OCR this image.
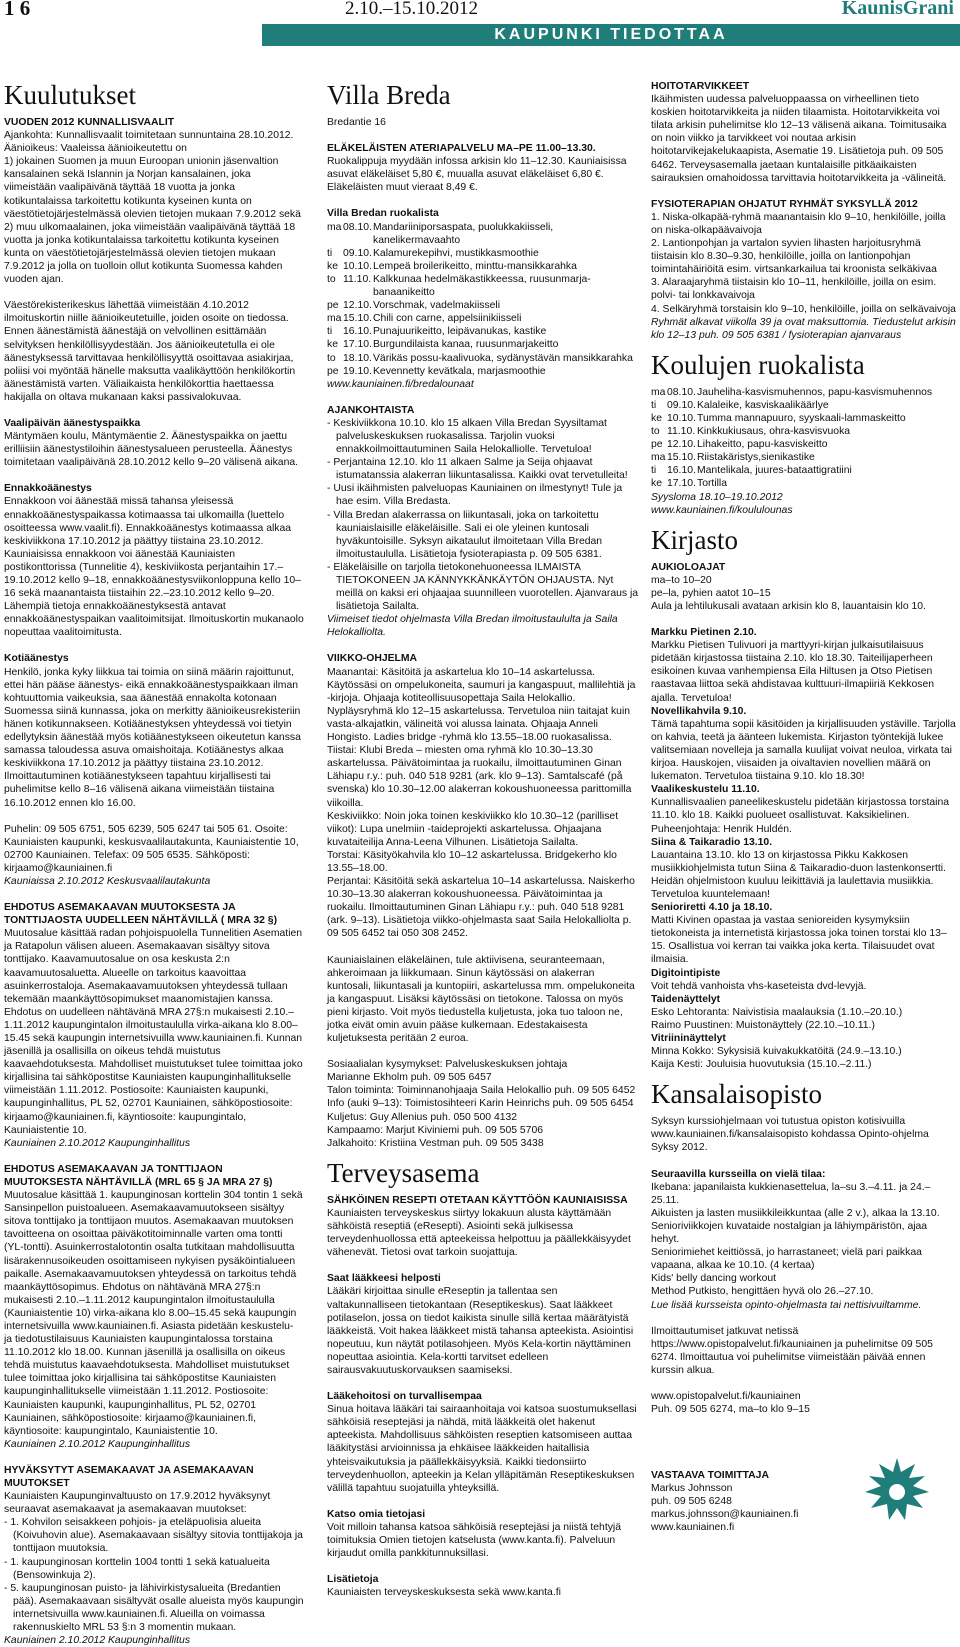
1 6	2.10.–15.10.2012	KaunisGrani
KAUPUNKI TIEDOTTAA
Kuulutukset

VUODEN 2012 KUNNALLISVAALIT

Ajankohta: Kunnallisvaalit toimitetaan sunnuntaina 28.10.2012.

Äänioikeus: Vaaleissa äänioikeutettu on

1) jokainen Suomen ja muun Euroopan unionin jäsenvaltion kansalainen sekä Islannin ja Norjan kansalainen, joka viimeistään vaalipäivänä täyttää 18 vuotta ja jonka kotikuntalaissa tarkoitettu kotikunta kyseinen kunta on väestötietojärjestelmässä olevien tietojen mukaan 7.9.2012 sekä

2) muu ulkomaalainen, joka viimeistään vaalipäivänä täyttää 18 vuotta ja jonka kotikuntalaissa tarkoitettu kotikunta kyseinen kunta on väestötietojärjestelmässä olevien tietojen mukaan 7.9.2012 ja jolla on tuolloin ollut kotikunta Suomessa kahden vuoden ajan.

Väestörekisterikeskus lähettää viimeistään 4.10.2012 ilmoituskortin niille äänioikeutetuille, joiden osoite on tiedossa. Ennen äänestämistä äänestäjä on velvollinen esittämään selvityksen henkilöllisyydestään. Jos äänioikeutetulla ei ole äänestyksessä tarvittavaa henkilöllisyyttä osoittavaa asiakirjaa, poliisi voi myöntää hänelle maksutta vaalikäyttöön henkilökortin äänestämistä varten. Väliaikaista henkilökorttia haettaessa hakijalla on oltava mukanaan kaksi passivalokuvaa.

Vaalipäivän äänestyspaikka

Mäntymäen koulu, Mäntymäentie 2. Äänestyspaikka on jaettu erilliisiin äänestystiloihin äänestysalueen perusteella. Äänestys toimitetaan vaalipäivänä 28.10.2012 kello 9–20 välisenä aikana.

Ennakkoäänestys

Ennakkoon voi äänestää missä tahansa yleisessä ennakkoäänestyspaikassa kotimaassa tai ulkomailla (luettelo osoitteessa www.vaalit.fi). Ennakkoäänestys kotimaassa alkaa keskiviikkona 17.10.2012 ja päättyy tiistaina 23.10.2012. Kauniaisissa ennakkoon voi äänestää Kauniaisten postikonttorissa (Tunnelitie 4), keskiviikosta perjantaihin 17.–19.10.2012 kello 9–18, ennakkoäänestysviikonloppuna kello 10–16 sekä maanantaista tiistaihin 22.–23.10.2012 kello 9–20. Lähempiä tietoja ennakkoäänestyksestä antavat ennakkoäänestyspaikan vaalitoimitsijat. Ilmoituskortin mukanaolo nopeuttaa vaalitoimitusta.

Kotiäänestys

Henkilö, jonka kyky liikkua tai toimia on siinä määrin rajoittunut, ettei hän pääse äänestys- eikä ennakkoäänestyspaikkaan ilman kohtuuttomia vaikeuksia, saa äänestää ennakolta kotonaan Suomessa siinä kunnassa, joka on merkitty äänioikeusrekisteriin hänen kotikunnakseen. Kotiäänestyksen yhteydessä voi tietyin edellytyksin äänestää myös kotiäänestykseen oikeutetun kanssa samassa taloudessa asuva omaishoitaja. Kotiäänestys alkaa keskiviikkona 17.10.2012 ja päättyy tiistaina 23.10.2012. Ilmoittautuminen kotiäänestykseen tapahtuu kirjallisesti tai puhelimitse kello 8–16 välisenä aikana viimeistään tiistaina 16.10.2012 ennen klo 16.00.

Puhelin: 09 505 6751, 505 6239, 505 6247 tai 505 61. Osoite: Kauniaisten kaupunki, keskusvaalilautakunta, Kauniaistentie 10, 02700 Kauniainen. Telefax: 09 505 6535. Sähköposti: kirjaamo@kauniainen.fi

Kauniaissa 2.10.2012 Keskusvaalilautakunta

EHDOTUS ASEMAKAAVAN MUUTOKSESTA JA TONTTIJAOSTA UUDELLEEN NÄHTÄVILLÄ ( MRA 32 §)

Muutosalue käsittää radan pohjoispuolella Tunnelitien Asematien ja Ratapolun välisen alueen. Asemakaavan sisältyy sitova tonttijako. Kaavamuutosalue on osa keskusta 2:n kaavamuutosaluetta. Alueelle on tarkoitus kaavoittaa asuinkerrostaloja. Asemakaavamuutoksen yhteydessä tullaan tekemään maankäyttösopimukset maanomistajien kanssa. Ehdotus on uudelleen nähtävänä MRA 27§:n mukaisesti 2.10.–1.11.2012 kaupungintalon ilmoitustaululla virka-aikana klo 8.00–15.45 sekä kaupungin internetsivuilla www.kauniainen.fi. Kunnan jäsenillä ja osallisilla on oikeus tehdä muistutus kaavaehdotuksesta. Mahdolliset muistutukset tulee toimittaa joko kirjallisina tai sähköpostitse Kauniaisten kaupunginhallitukselle viimeistään 1.11.2012. Postiosoite: Kauniaisten kaupunki, kaupunginhallitus, PL 52, 02701 Kauniainen, sähköpostiosoite: kirjaamo@kauniainen.fi, käyntiosoite: kaupungintalo, Kauniaistentie 10.

Kauniainen 2.10.2012 Kaupunginhallitus

EHDOTUS ASEMAKAAVAN JA TONTTIJAON MUUTOKSESTA NÄHTÄVILLÄ (MRL 65 § JA MRA 27 §)

Muutosalue käsittää 1. kaupunginosan korttelin 304 tontin 1 sekä Sansinpellon puistoalueen. Asemakaavamuutokseen sisältyy sitova tonttijako ja tonttijaon muutos. Asemakaavan muutoksen tavoitteena on osoittaa päiväkotitoiminnalle varten oma tontti (YL-tontti). Asuinkerrostalotontin osalta tutkitaan mahdollisuutta lisärakennusoikeuden osoittamiseen nykyisen pysäköintialueen paikalle. Asemakaavamuutoksen yhteydessä on tarkoitus tehdä maankäyttösopimus. Ehdotus on nähtävänä MRA 27§:n mukaisesti 2.10.–1.11.2012 kaupungintalon ilmoitustaululla (Kauniaistentie 10) virka-aikana klo 8.00–15.45 sekä kaupungin internetsivuilla www.kauniainen.fi. Asiasta pidetään keskustelu- ja tiedotustilaisuus Kauniaisten kaupungintalossa torstaina 11.10.2012 klo 18.00. Kunnan jäsenillä ja osallisilla on oikeus tehdä muistutus kaavaehdotuksesta. Mahdolliset muistutukset tulee toimittaa joko kirjallisina tai sähköpostitse Kauniaisten kaupunginhallitukselle viimeistään 1.11.2012. Postiosoite: Kauniaisten kaupunki, kaupunginhallitus, PL 52, 02701 Kauniainen, sähköpostiosoite: kirjaamo@kauniainen.fi, käyntiosoite: kaupungintalo, Kauniaistentie 10.

Kauniainen 2.10.2012 Kaupunginhallitus

HYVÄKSYTYT ASEMAKAAVAT JA ASEMAKAAVAN MUUTOKSET

Kauniaisten Kaupunginvaltuusto on 17.9.2012 hyväksynyt seuraavat asemakaavat ja asemakaavan muutokset:

- 1. Kohvilon seisakkeen pohjois- ja eteläpuolisia alueita (Koivuhovin alue). Asemakaavaan sisältyy sitovia tonttijakoja ja tonttijaon muutoksia.

- 1. kaupunginosan korttelin 1004 tontti 1 sekä katualueita (Bensowinkuja 2).

- 5. kaupunginosan puisto- ja lähivirkistysalueita (Bredantien pää). Asemakaavaan sisältyvät osalle alueista myös kaupungin internetsivuilla www.kauniainen.fi. Alueilla on voimassa rakennuskielto MRL 53 §:n 3 momentin mukaan.

Kauniainen 2.10.2012 Kaupunginhallitus

Villa Breda

Bredantie 16

ELÄKELÄISTEN ATERIAPALVELU MA–PE 11.00–13.30.

Ruokalippuja myydään infossa arkisin klo 11–12.30. Kauniaisissa asuvat eläkeläiset 5,80 €, muualla asuvat eläkeläiset 6,80 €. Eläkeläisten muut vieraat 8,49 €.

Villa Bredan ruokalista

ma	08.10.	Mandariiniporsaspata, puolukkakiisseli, kanelikermavaahto
ti	09.10.	Kalamurekepihvi, mustikkasmoothie
ke	10.10.	Lempeä broilerikeitto, minttu-mansikkarahka
to	11.10.	Kalkkunaa hedelmäkastikkeessa, ruusunmarja-banaanikeitto
pe	12.10.	Vorschmak, vadelmakiisseli
ma	15.10.	Chili con carne, appelsiinikiisseli
ti	16.10.	Punajuurikeitto, leipävanukas, kastike
ke	17.10.	Burgundilaista kanaa, ruusunmarjakeitto
to	18.10.	Värikäs possu-kaalivuoka, sydänystävän mansikkarahka
pe	19.10.	Kevennetty kevätkala, marjasmoothie

www.kauniainen.fi/bredalounaat

AJANKOHTAISTA

- Keskiviikkona 10.10. klo 15 alkaen Villa Bredan Syysiltamat palveluskeskuksen ruokasalissa. Tarjolin vuoksi ennakkoilmoittautuminen Saila Helokalliolle. Tervetuloa!

- Perjantaina 12.10. klo 11 alkaen Salme ja Seija ohjaavat istumatanssia alakerran liikuntasalissa. Kaikki ovat tervetulleita!

- Uusi ikäihmisten palveluopas Kauniainen on ilmestynyt! Tule ja hae esim. Villa Bredasta.

- Villa Bredan alakerrassa on liikuntasali, joka on tarkoitettu kauniaislaisille eläkeläisille. Sali ei ole yleinen kuntosali hyväkuntoisille. Syksyn aikataulut ilmoitetaan Villa Bredan ilmoitustaululla. Lisätietoja fysioterapiasta p. 09 505 6381.

- Eläkeläisille on tarjolla tietokonehuoneessa ILMAISTA TIETOKONEEN JA KÄNNYKKÄNKÄYTÖN OHJAUSTA. Nyt meillä on kaksi eri ohjaajaa suunnilleen vuorotellen. Ajanvaraus ja lisätietoja Sailalta.

Viimeiset tiedot ohjelmasta Villa Bredan ilmoitustaululta ja Saila Helokalliolta.

VIIKKO-OHJELMA

Maanantai: Käsitöitä ja askartelua klo 10–14 askartelussa. Käytössäsi on ompelukoneita, saumuri ja kangaspuut, mallilehtiä ja -kirjoja. Ohjaaja kotiteollisuusopettaja Saila Helokallio. Nypläysryhmä klo 12–15 askartelussa. Tervetuloa niin taitajat kuin vasta-alkajatkin, välineitä voi alussa lainata. Ohjaaja Anneli Hongisto. Ladies bridge -ryhmä klo 13.55–18.00 ruokasalissa.

Tiistai: Klubi Breda – miesten oma ryhmä klo 10.30–13.30 askartelussa. Päivätoimintaa ja ruokailu, ilmoittautuminen Ginan Lähiapu r.y.: puh. 040 518 9281 (ark. klo 9–13). Samtalscafé (på svenska) klo 10.30–12.00 alakerran kokoushuoneessa parittomilla viikoilla.

Keskiviikko: Noin joka toinen keskiviikko klo 10.30–12 (parilliset viikot): Lupa unelmiin -taideprojekti askartelussa. Ohjaajana kuvataiteilija Anna-Leena Vilhunen. Lisätietoja Sailalta.

Torstai: Käsityökahvila klo 10–12 askartelussa. Bridgekerho klo 13.55–18.00.

Perjantai: Käsitöitä sekä askartelua 10–14 askartelussa. Naiskerho 10.30–13.30 alakerran kokoushuoneessa. Päivätoimintaa ja ruokailu. Ilmoittautuminen Ginan Lähiapu r.y.: puh. 040 518 9281 (ark. 9–13). Lisätietoja viikko-ohjelmasta saat Saila Helokalliolta p. 09 505 6452 tai 050 308 2452.

Kauniaislainen eläkeläinen, tule aktiivisena, seuranteemaan, ahkeroimaan ja liikkumaan. Sinun käytössäsi on alakerran kuntosali, liikuntasali ja kuntopiiri, askartelussa mm. ompelukoneita ja kangaspuut. Lisäksi käytössäsi on tietokone. Talossa on myös pieni kirjasto. Voit myös tiedustella kuljetusta, joka tuo taloon ne, jotka eivät omin avuin pääse kulkemaan. Edestakaisesta kuljetuksesta peritään 2 euroa.

Sosiaalialan kysymykset: Palveluskeskuksen johtaja

Marianne Ekholm puh. 09 505 6457

Talon toiminta: Toiminnanohjaaja Saila Helokallio puh. 09 505 6452

Info (auki 9–13): Toimistosihteeri Karin Heinrichs puh. 09 505 6454

Kuljetus: Guy Allenius puh. 050 500 4132

Kampaamo: Marjut Kiviniemi puh. 09 505 5706

Jalkahoito: Kristiina Vestman puh. 09 505 3438

Terveysasema

SÄHKÖINEN RESEPTI OTETAAN KÄYTTÖÖN KAUNIAISISSA

Kauniaisten terveyskeskus siirtyy lokakuun alusta käyttämään sähköistä reseptiä (eResepti). Asiointi sekä julkisessa terveydenhuollossa että apteekeissa helpottuu ja päällekkäisyydet vähenevät. Tietosi ovat tarkoin suojattuja.

Saat lääkkeesi helposti

Lääkäri kirjoittaa sinulle eReseptin ja tallentaa sen valtakunnalliseen tietokantaan (Reseptikeskus). Saat lääkkeet potilaselon, jossa on tiedot kaikista sinulle sillä kertaa määrätyistä lääkkeistä. Voit hakea lääkkeet mistä tahansa apteekista. Asiointisi nopeutuu, kun näytät potilasohjeen. Myös Kela-kortin näyttäminen nopeuttaa asiointia. Kela-kortti tarvitset edelleen sairausvakuutuskorvauksen saamiseksi.

Lääkehoitosi on turvallisempaa

Sinua hoitava lääkäri tai sairaanhoitaja voi katsoa suostumuksellasi sähköisiä reseptejäsi ja nähdä, mitä lääkkeitä olet hakenut apteekista. Mahdollisuus sähköisten reseptien katsomiseen auttaa lääkitystäsi arvioinnissa ja ehkäisee lääkkeiden haitallisia yhteisvaikutuksia ja päällekkäisyyksiä. Kaikki tiedonsiirto terveydenhuollon, apteekin ja Kelan ylläpitämän Reseptikeskuksen välillä tapahtuu suojatuilla yhteyksillä.

Katso omia tietojasi

Voit milloin tahansa katsoa sähköisiä reseptejäsi ja niistä tehtyjä toimituksia Omien tietojen katselusta (www.kanta.fi). Palveluun kirjaudut omilla pankkitunnuksillasi.

Lisätietoja

Kauniaisten terveyskeskuksesta sekä www.kanta.fi

HOITOTARVIKKEET

Ikäihmisten uudessa palveluoppaassa on virheellinen tieto koskien hoitotarvikkeita ja niiden tilaamista. Hoitotarvikkeita voi tilata arkisin puhelimitse klo 12–13 välisenä aikana. Toimitusaika on noin viikko ja tarvikkeet voi noutaa arkisin hoitotarvikejakelukaapista, Asematie 19. Lisätietoja puh. 09 505 6462. Terveysasemalla jaetaan kuntalaisille pitkäaikaisten sairauksien omahoidossa tarvittavia hoitotarvikkeita ja -välineitä.

FYSIOTERAPIAN OHJATUT RYHMÄT SYKSYLLÄ 2012

1. Niska-olkapää-ryhmä maanantaisin klo 9–10, henkilöille, joilla on niska-olkapäävaivoja

2. Lantionpohjan ja vartalon syvien lihasten harjoitusryhmä tiistaisin klo 8.30–9.30, henkilöille, joilla on lantionpohjan toimintahäiriöitä esim. virtsankarkailua tai kroonista selkäkivaa

3. Alaraajaryhmä tiistaisin klo 10–11, henkilöille, joilla on esim. polvi- tai lonkkavaivoja

4. Selkäryhmä torstaisin klo 9–10, henkilöille, joilla on selkävaivoja

Ryhmät alkavat viikolla 39 ja ovat maksuttomia. Tiedustelut arkisin klo 12–13 puh. 09 505 6381 / fysioterapian ajanvaraus

Koulujen ruokalista
ma	08.10.	Jauheliha-kasvismuhennos, papu-kasvismuhennos
ti	09.10.	Kalaleike, kasviskaalikäärlye
ke	10.10.	Tumma mannapuuro, syyskaali-lammaskeitto
to	11.10.	Kinkkukiusaus, ohra-kasvisvuoka
pe	12.10.	Lihakeitto, papu-kasviskeitto
ma	15.10.	Riistakäristys,sienikastike
ti	16.10.	Mantelikala, juures-bataattigratiini
ke	17.10.	Tortilla

Syysloma 18.10–19.10.2012

www.kauniainen.fi/koululounas

Kirjasto

AUKIOLOAJAT

ma–to 10–20

pe–la, pyhien aatot 10–15

Aula ja lehtilukusali avataan arkisin klo 8, lauantaisin klo 10.

Markku Pietinen 2.10.

Markku Pietisen Tulivuori ja marttyyri-kirjan julkaisutilaisuus pidetään kirjastossa tiistaina 2.10. klo 18.30. Taiteilijaperheen esikoinen kuvaa vanhempiensa Eila Hiltusen ja Otso Pietisen raastavaa liittoa sekä ahdistavaa kulttuuri-ilmapiiriä Kekkosen ajalla. Tervetuloa!

Novellikahvila 9.10.

Tämä tapahtuma sopii käsitöiden ja kirjallisuuden ystäville. Tarjolla on kahvia, teetä ja äänteen lukemista. Kirjaston työntekijä lukee valitsemiaan novelleja ja samalla kuulijat voivat neuloa, virkata tai kirjoa. Hauskojen, viisaiden ja oivaltavien novellien määrä on lukematon. Tervetuloa tiistaina 9.10. klo 18.30!

Vaalikeskustelu 11.10.

Kunnallisvaalien paneelikeskustelu pidetään kirjastossa torstaina 11.10. klo 18. Kaikki puolueet osallistuvat. Kaksikielinen. Puheenjohtaja: Henrik Huldén.

Siina & Taikaradio 13.10.

Lauantaina 13.10. klo 13 on kirjastossa Pikku Kakkosen musiikkiohjelmista tutun Siina & Taikaradio-duon lastenkonsertti. Heidän ohjelmistoon kuuluu leikittäviä ja laulettavia musiikkia. Tervetuloa kuuntelemaan!

Senioriretti 4.10 ja 18.10.

Matti Kivinen opastaa ja vastaa senioreiden kysymyksiin tietokoneista ja internetistä kirjastossa joka toinen torstai klo 13–15. Osallistua voi kerran tai vaikka joka kerta. Tilaisuudet ovat ilmaisia.

Digitointipiste

Voit tehdä vanhoista vhs-kaseteista dvd-levyjä.

Taidenäyttelyt

Esko Lehtoranta: Naivistisia maalauksia (1.10.–20.10.)

Raimo Puustinen: Muistonäyttely (22.10.–10.11.)

Vitriininäyttelyt

Minna Kokko: Sykysisiä kuivakukkatöitä (24.9.–13.10.)

Kaija Kesti: Jouluisia huovutuksia (15.10.–2.11.)

Kansalaisopisto

Syksyn kurssiohjelmaan voi tutustua opiston kotisivuilla www.kauniainen.fi/kansalaisopisto kohdassa Opinto-ohjelma Syksy 2012.

Seuraavilla kursseilla on vielä tilaa:

Ikebana: japanilaista kukkienasettelua, la–su 3.–4.11. ja 24.–25.11.

Aikuisten ja lasten musiikkileikkuntaa (alle 2 v.), alkaa la 13.10.

Senioriviikkojen kuvataide nostalgian ja lähiympäristön, ajaa hehyt.

Seniorimiehet keittiössä, jo harrastaneet; vielä pari paikkaa vapaana, alkaa ke 10.10. (4 kertaa)

Kids' belly dancing workout

Method Putkisto, hengittäen hyvä olo 26.–27.10.

Lue lisää kursseista opinto-ohjelmasta tai nettisivuiltamme.

Ilmoittautumiset jatkuvat netissä https://www.opistopalvelut.fi/kauniainen ja puhelimitse 09 505 6274. Ilmoittautua voi puhelimitse viimeistään päivää ennen kurssin alkua.

www.opistopalvelut.fi/kauniainen

Puh. 09 505 6274, ma–to klo 9–15

VASTAAVA TOIMITTAJA

Markus Johnsson

puh. 09 505 6248

markus.johnsson@kauniainen.fi

www.kauniainen.fi
